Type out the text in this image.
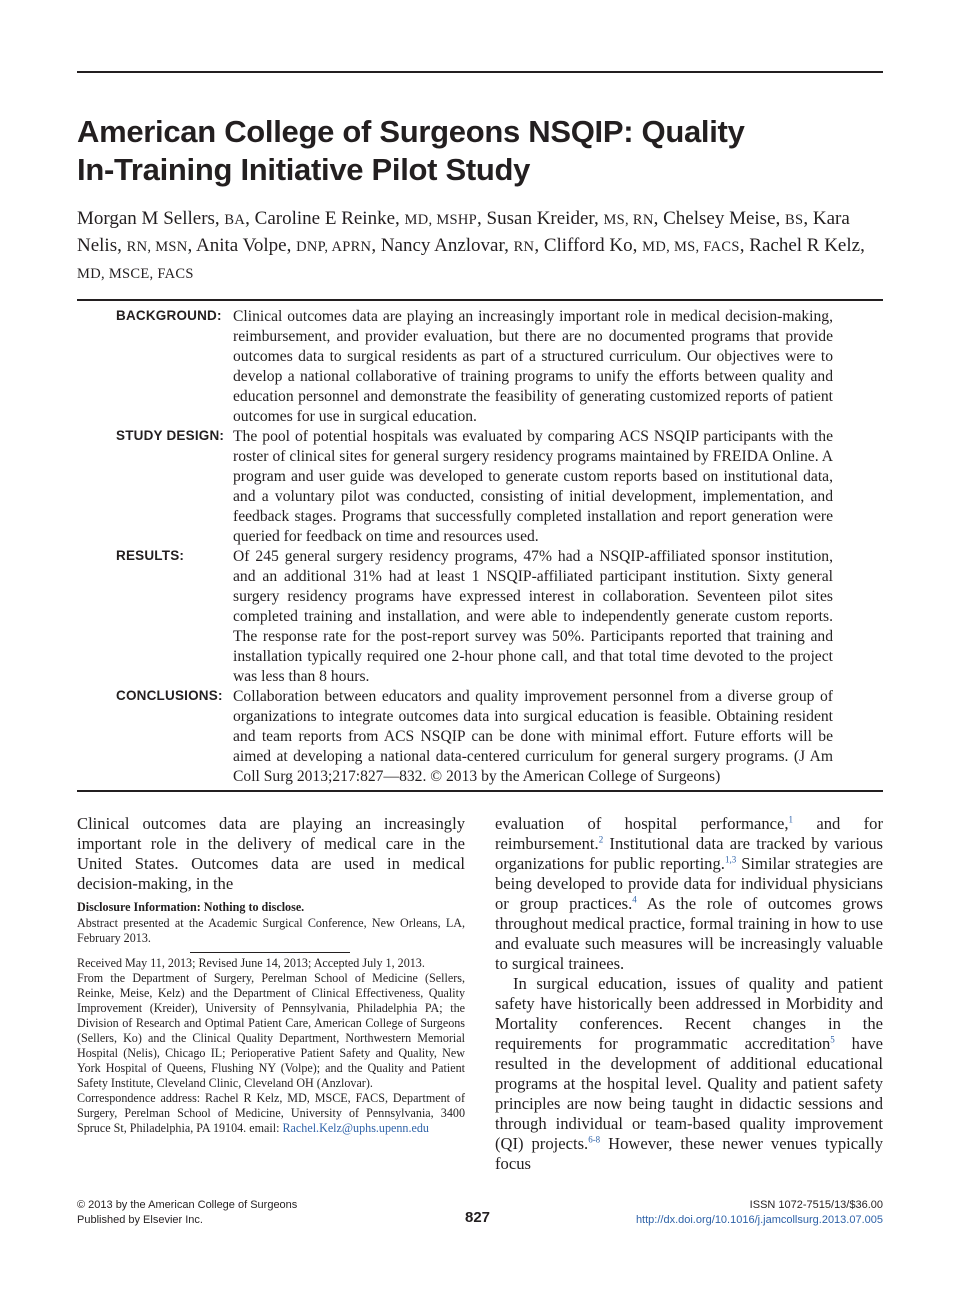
American College of Surgeons NSQIP: Quality
In-Training Initiative Pilot Study

Morgan M Sellers, BA, Caroline E Reinke, MD, MSHP, Susan Kreider, MS, RN, Chelsey Meise, BS, Kara Nelis, RN, MSN, Anita Volpe, DNP, APRN, Nancy Anzlovar, RN, Clifford Ko, MD, MS, FACS, Rachel R Kelz, MD, MSCE, FACS

BACKGROUND: Clinical outcomes data are playing an increasingly important role in medical decision-making, reimbursement, and provider evaluation, but there are no documented programs that provide outcomes data to surgical residents as part of a structured curriculum. Our objectives were to develop a national collaborative of training programs to unify the efforts between quality and education personnel and demonstrate the feasibility of generating customized reports of patient outcomes for use in surgical education.

STUDY DESIGN: The pool of potential hospitals was evaluated by comparing ACS NSQIP participants with the roster of clinical sites for general surgery residency programs maintained by FREIDA Online. A program and user guide was developed to generate custom reports based on institutional data, and a voluntary pilot was conducted, consisting of initial development, implementation, and feedback stages. Programs that successfully completed installation and report generation were queried for feedback on time and resources used.

RESULTS:	Of 245 general surgery residency programs, 47% had a NSQIP-affiliated sponsor institution, and an additional 31% had at least 1 NSQIP-affiliated participant institution. Sixty general surgery residency programs have expressed interest in collaboration. Seventeen pilot sites completed training and installation, and were able to independently generate custom reports. The response rate for the post-report survey was 50%. Participants reported that training and installation typically required one 2-hour phone call, and that total time devoted to the project was less than 8 hours.

CONCLUSIONS: Collaboration between educators and quality improvement personnel from a diverse group of organizations to integrate outcomes data into surgical education is feasible. Obtaining resident and team reports from ACS NSQIP can be done with minimal effort. Future efforts will be aimed at developing a national data-centered curriculum for general surgery programs. (J Am Coll Surg 2013;217:827—832. © 2013 by the American College of Surgeons)

Clinical outcomes data are playing an increasingly important role in the delivery of medical care in the United States. Outcomes data are used in medical decision-making, in the

Disclosure Information: Nothing to disclose.

Abstract presented at the Academic Surgical Conference, New Orleans, LA, February 2013.

Received May 11, 2013; Revised June 14, 2013; Accepted July 1, 2013.

From the Department of Surgery, Perelman School of Medicine (Sellers, Reinke, Meise, Kelz) and the Department of Clinical Effectiveness, Quality Improvement (Kreider), University of Pennsylvania, Philadelphia PA; the Division of Research and Optimal Patient Care, American College of Surgeons (Sellers, Ko) and the Clinical Quality Department, Northwestern Memorial Hospital (Nelis), Chicago IL; Perioperative Patient Safety and Quality, New York Hospital of Queens, Flushing NY (Volpe); and the Quality and Patient Safety Institute, Cleveland Clinic, Cleveland OH (Anzlovar).

Correspondence address: Rachel R Kelz, MD, MSCE, FACS, Department of Surgery, Perelman School of Medicine, University of Pennsylvania, 3400 Spruce St, Philadelphia, PA 19104. email: Rachel.Kelz@uphs.upenn.edu

evaluation of hospital performance,$^1$ and for reimbursement.$^2$ Institutional data are tracked by various organizations for public reporting.$^{1,3}$ Similar strategies are being developed to provide data for individual physicians or group practices.$^4$ As the role of outcomes grows throughout medical practice, formal training in how to use and evaluate such measures will be increasingly valuable to surgical trainees.

In surgical education, issues of quality and patient safety have historically been addressed in Morbidity and Mortality conferences. Recent changes in the requirements for programmatic accreditation$^5$ have resulted in the development of additional educational programs at the hospital level. Quality and patient safety principles are now being taught in didactic sessions and through individual or team-based quality improvement (QI) projects.$^{6-8}$ However, these newer venues typically focus

© 2013 by the American College of Surgeons
Published by Elsevier Inc.	827
ISSN 1072-7515/13/$36.00
http://dx.doi.org/10.1016/j.jamcollsurg.2013.07.005
